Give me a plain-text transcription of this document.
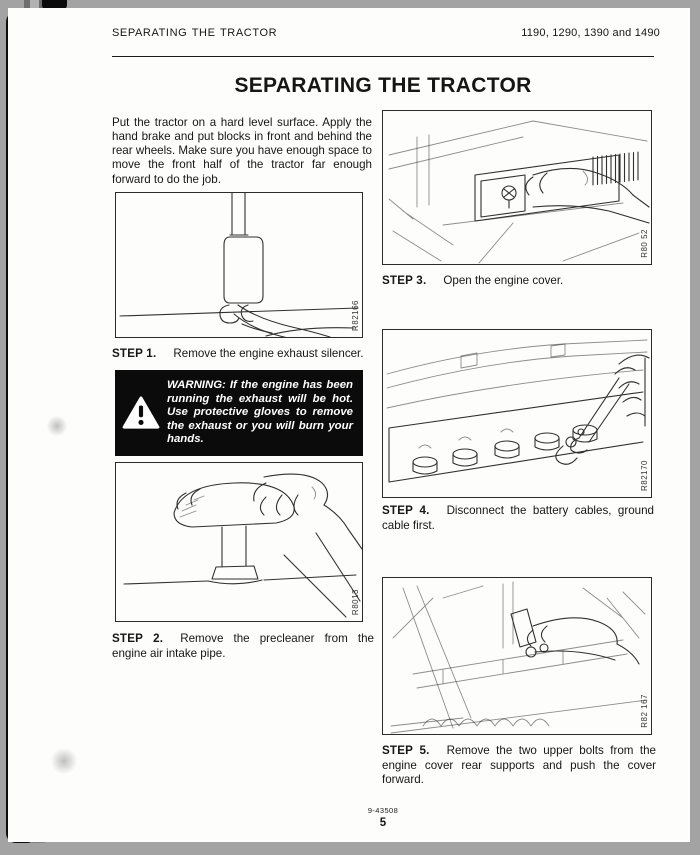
SEPARATING THE TRACTOR	1190, 1290, 1390 and 1490
SEPARATING THE TRACTOR

Put the tractor on a hard level surface. Apply the hand brake and put blocks in front and behind the rear wheels. Make sure you have enough space to move the front half of the tractor far enough forward to do the job.

R82166

STEP 1. Remove the engine exhaust silencer.

WARNING: If the engine has been running the exhaust will be hot. Use protective gloves to remove the exhaust or you will burn your hands.
R8013

STEP 2. Remove the precleaner from the engine air intake pipe.

R80 52

STEP 3. Open the engine cover.

R82170

STEP 4. Disconnect the battery cables, ground cable first.

R82 167

STEP 5. Remove the two upper bolts from the engine cover rear supports and push the cover forward.

9-43508
5
